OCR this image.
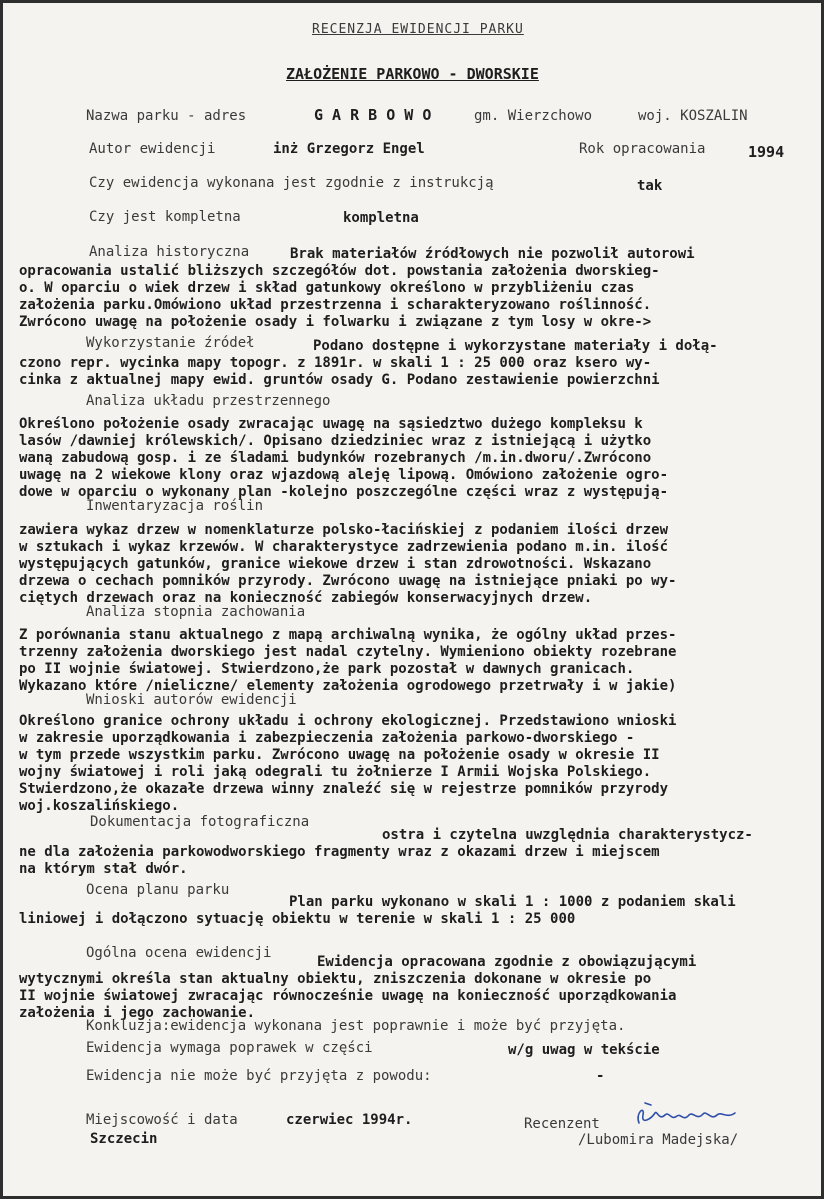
RECENZJA EWIDENCJI PARKU
ZAŁOŻENIE PARKOWO - DWORSKIE
Nazwa parku - adres	G A R B O W O	gm. Wierzchowo	woj. KOSZALIN
Autor ewidencji	inż Grzegorz Engel	Rok opracowania	1994
Czy ewidencja wykonana jest zgodnie z instrukcją	tak
Czy jest kompletna	kompletna
Analiza historyczna	Brak materiałów źródłowych nie pozwolił autorowi
opracowania ustalić bliższych szczegółów dot. powstania założenia dworskieg-
o. W oparciu o wiek drzew i skład gatunkowy określono w przybliżeniu czas
założenia parku.Omówiono układ przestrzenna i scharakteryzowano roślinność.
Zwrócono uwagę na położenie osady i folwarku i związane z tym losy w okre->
Wykorzystanie źródeł	Podano dostępne i wykorzystane materiały i dołą-
czono repr. wycinka mapy topogr. z 1891r. w skali 1 : 25 000 oraz ksero wy-
cinka z aktualnej mapy ewid. gruntów osady G. Podano zestawienie powierzchni
Analiza układu przestrzennego
Określono położenie osady zwracając uwagę na sąsiedztwo dużego kompleksu k
lasów /dawniej królewskich/. Opisano dziedziniec wraz z istniejącą i użytko
waną zabudową gosp. i ze śladami budynków rozebranych /m.in.dworu/.Zwrócono
uwagę na 2 wiekowe klony oraz wjazdową aleję lipową. Omówiono założenie ogro-
dowe w oparciu o wykonany plan -kolejno poszczególne części wraz z występują-
Inwentaryzacja roślin
zawiera wykaz drzew w nomenklaturze polsko-łacińskiej z podaniem ilości drzew
w sztukach i wykaz krzewów. W charakterystyce zadrzewienia podano m.in. ilość
występujących gatunków, granice wiekowe drzew i stan zdrowotności. Wskazano
drzewa o cechach pomników przyrody. Zwrócono uwagę na istniejące pniaki po wy-
ciętych drzewach oraz na konieczność zabiegów konserwacyjnych drzew.
Analiza stopnia zachowania
Z porównania stanu aktualnego z mapą archiwalną wynika, że ogólny układ przes-
trzenny założenia dworskiego jest nadal czytelny. Wymieniono obiekty rozebrane
po II wojnie światowej. Stwierdzono,że park pozostał w dawnych granicach.
Wykazano które /nieliczne/ elementy założenia ogrodowego przetrwały i w jakie)
Wnioski autorów ewidencji
Określono granice ochrony układu i ochrony ekologicznej. Przedstawiono wnioski
w zakresie uporządkowania i zabezpieczenia założenia parkowo-dworskiego -
w tym przede wszystkim parku. Zwrócono uwagę na położenie osady w okresie II
wojny światowej i roli jaką odegrali tu żołnierze I Armii Wojska Polskiego.
Stwierdzono,że okazałe drzewa winny znaleźć się w rejestrze pomników przyrody
woj.koszalińskiego.
Dokumentacja fotograficzna
ostra i czytelna uwzględnia charakterystycz-
ne dla założenia parkowodworskiego fragmenty wraz z okazami drzew i miejscem
na którym stał dwór.
Ocena planu parku
Plan parku wykonano w skali 1 : 1000 z podaniem skali
liniowej i dołączono sytuację obiektu w terenie w skali 1 : 25 000
Ogólna ocena ewidencji
Ewidencja opracowana zgodnie z obowiązującymi
wytycznymi określa stan aktualny obiektu, zniszczenia dokonane w okresie po
II wojnie światowej zwracając równocześnie uwagę na konieczność uporządkowania
założenia i jego zachowanie.
Konkluzja:ewidencja wykonana jest poprawnie i może być przyjęta.
Ewidencja wymaga poprawek w części	w/g uwag w tekście
Ewidencja nie może być przyjęta z powodu:	-
Miejscowość i data	czerwiec 1994r.
Szczecin
Recenzent
/Lubomira Madejska/
